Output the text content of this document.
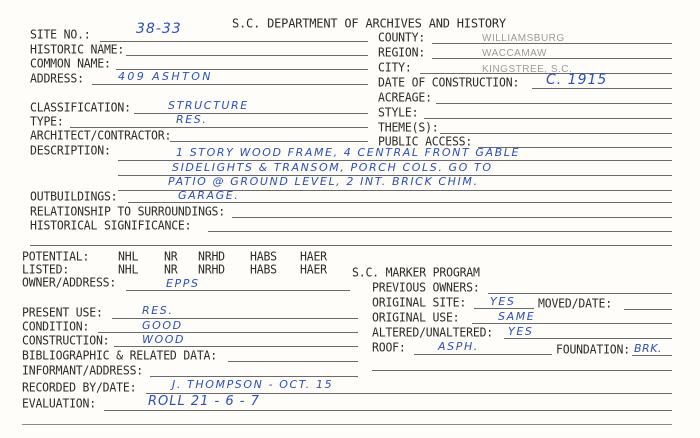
S.C. DEPARTMENT OF ARCHIVES AND HISTORY
SITE NO.:	38-33
HISTORIC NAME:
COMMON NAME:
ADDRESS:	409 ASHTON
COUNTY:	WILLIAMSBURG
REGION:	WACCAMAW
CITY:	KINGSTREE, S.C.
DATE OF CONSTRUCTION: C. 1915
ACREAGE:
CLASSIFICATION:	STRUCTURE
TYPE:	RES.
ARCHITECT/CONTRACTOR:
STYLE:
THEME(S):
PUBLIC ACCESS:
DESCRIPTION:	1 STORY WOOD FRAME, 4 CENTRAL FRONT GABLE
SIDELIGHTS & TRANSOM, PORCH COLS. GO TO
PATIO @ GROUND LEVEL, 2 INT. BRICK CHIM.
OUTBUILDINGS:	GARAGE.
RELATIONSHIP TO SURROUNDINGS:
HISTORICAL SIGNIFICANCE:
POTENTIAL:	NHL NR NRHD HABS HAER
LISTED:	NHL NR NRHD HABS HAER S.C. MARKER PROGRAM
OWNER/ADDRESS:	EPPS	PREVIOUS OWNERS:
ORIGINAL SITE: YES MOVED/DATE:
ORIGINAL USE:	SAME
ALTERED/UNALTERED: YES
ROOF:	ASPH.	FOUNDATION: BRK.
PRESENT USE:	RES.
CONDITION:	GOOD
CONSTRUCTION:	WOOD
BIBLIOGRAPHIC & RELATED DATA:
INFORMANT/ADDRESS:
RECORDED BY/DATE:	J. THOMPSON - OCT. 15
EVALUATION:	ROLL 21 - 6 - 7
